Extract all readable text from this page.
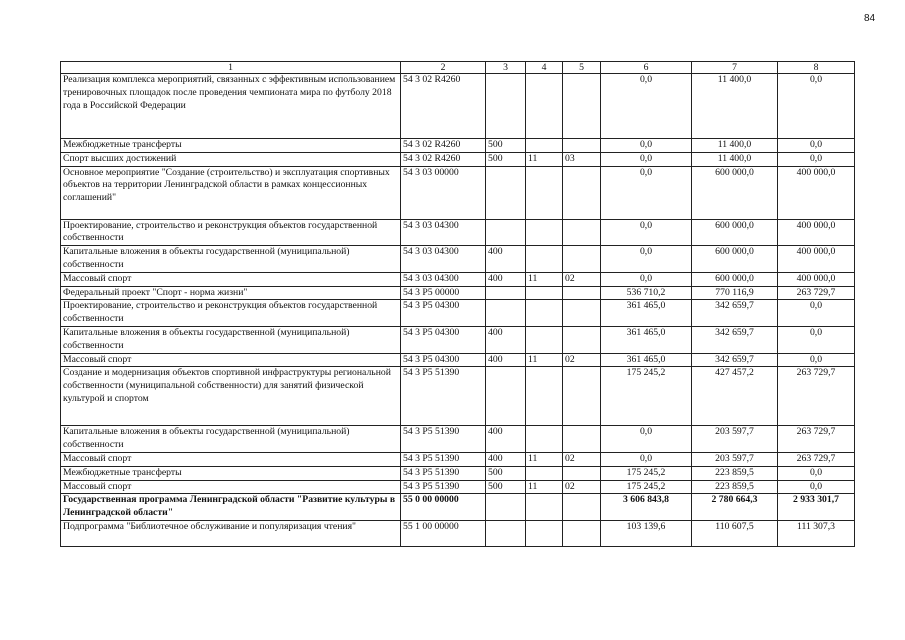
84
1	2	3	4	5	6	7	8
Реализация комплекса мероприятий, связанных с эффективным использованием тренировочных площадок после проведения чемпионата мира по футболу 2018 года в Российской Федерации	54 3 02 R4260				0,0	11 400,0	0,0
Межбюджетные трансферты	54 3 02 R4260	500			0,0	11 400,0	0,0
Спорт высших достижений	54 3 02 R4260	500	11	03	0,0	11 400,0	0,0
Основное мероприятие "Создание (строительство) и эксплуатация спортивных объектов на территории Ленинградской области в рамках концессионных соглашений"	54 3 03 00000				0,0	600 000,0	400 000,0
Проектирование, строительство и реконструкция объектов государственной собственности	54 3 03 04300				0,0	600 000,0	400 000,0
Капитальные вложения в объекты государственной (муниципальной) собственности	54 3 03 04300	400			0,0	600 000,0	400 000,0
Массовый спорт	54 3 03 04300	400	11	02	0,0	600 000,0	400 000,0
Федеральный проект "Спорт - норма жизни"	54 3 P5 00000				536 710,2	770 116,9	263 729,7
Проектирование, строительство и реконструкция объектов государственной собственности	54 3 P5 04300				361 465,0	342 659,7	0,0
Капитальные вложения в объекты государственной (муниципальной) собственности	54 3 P5 04300	400			361 465,0	342 659,7	0,0
Массовый спорт	54 3 P5 04300	400	11	02	361 465,0	342 659,7	0,0
Создание и модернизация объектов спортивной инфраструктуры региональной собственности (муниципальной собственности) для занятий физической культурой и спортом	54 3 P5 51390				175 245,2	427 457,2	263 729,7
Капитальные вложения в объекты государственной (муниципальной) собственности	54 3 P5 51390	400			0,0	203 597,7	263 729,7
Массовый спорт	54 3 P5 51390	400	11	02	0,0	203 597,7	263 729,7
Межбюджетные трансферты	54 3 P5 51390	500			175 245,2	223 859,5	0,0
Массовый спорт	54 3 P5 51390	500	11	02	175 245,2	223 859,5	0,0
Государственная программа Ленинградской области "Развитие культуры в Ленинградской области"	55 0 00 00000				3 606 843,8	2 780 664,3	2 933 301,7
Подпрограмма "Библиотечное обслуживание и популяризация чтения"	55 1 00 00000				103 139,6	110 607,5	111 307,3
